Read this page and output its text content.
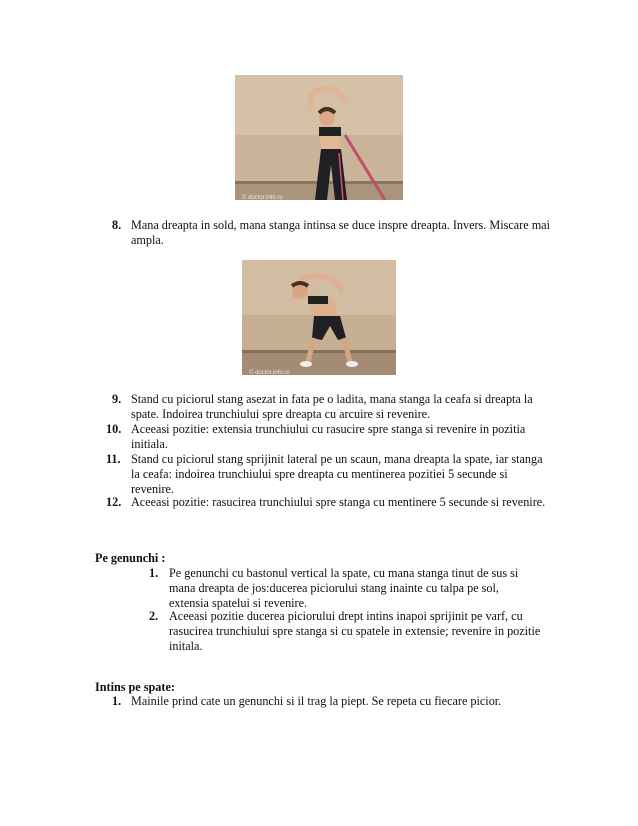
© doctor.info.ro
8. Mana dreapta in sold, mana stanga intinsa se duce inspre dreapta. Invers. Miscare mai ampla.
© doctor.info.ro
9. Stand cu piciorul stang asezat in fata pe o ladita, mana stanga la ceafa si dreapta la spate. Indoirea trunchiului spre dreapta cu arcuire si revenire.
10. Aceeasi pozitie: extensia trunchiului cu rasucire spre stanga si revenire in pozitia initiala.
11. Stand cu piciorul stang sprijinit lateral pe un scaun, mana dreapta la spate, iar stanga la ceafa: indoirea trunchiului spre dreapta cu mentinerea pozitiei 5 secunde si revenire.
12. Aceeasi pozitie: rasucirea trunchiului spre stanga cu mentinere 5 secunde si revenire.
Pe genunchi :
1. Pe genunchi cu bastonul vertical la spate, cu mana stanga tinut de sus si mana dreapta de jos:ducerea piciorului stang inainte cu talpa pe sol, extensia spatelui si revenire.
2. Aceeasi pozitie ducerea piciorului drept intins inapoi sprijinit pe varf, cu rasucirea trunchiului spre stanga si cu spatele in extensie; revenire in pozitie initala.
Intins pe spate:
1. Mainile prind cate un genunchi si il trag la piept. Se repeta cu fiecare picior.
